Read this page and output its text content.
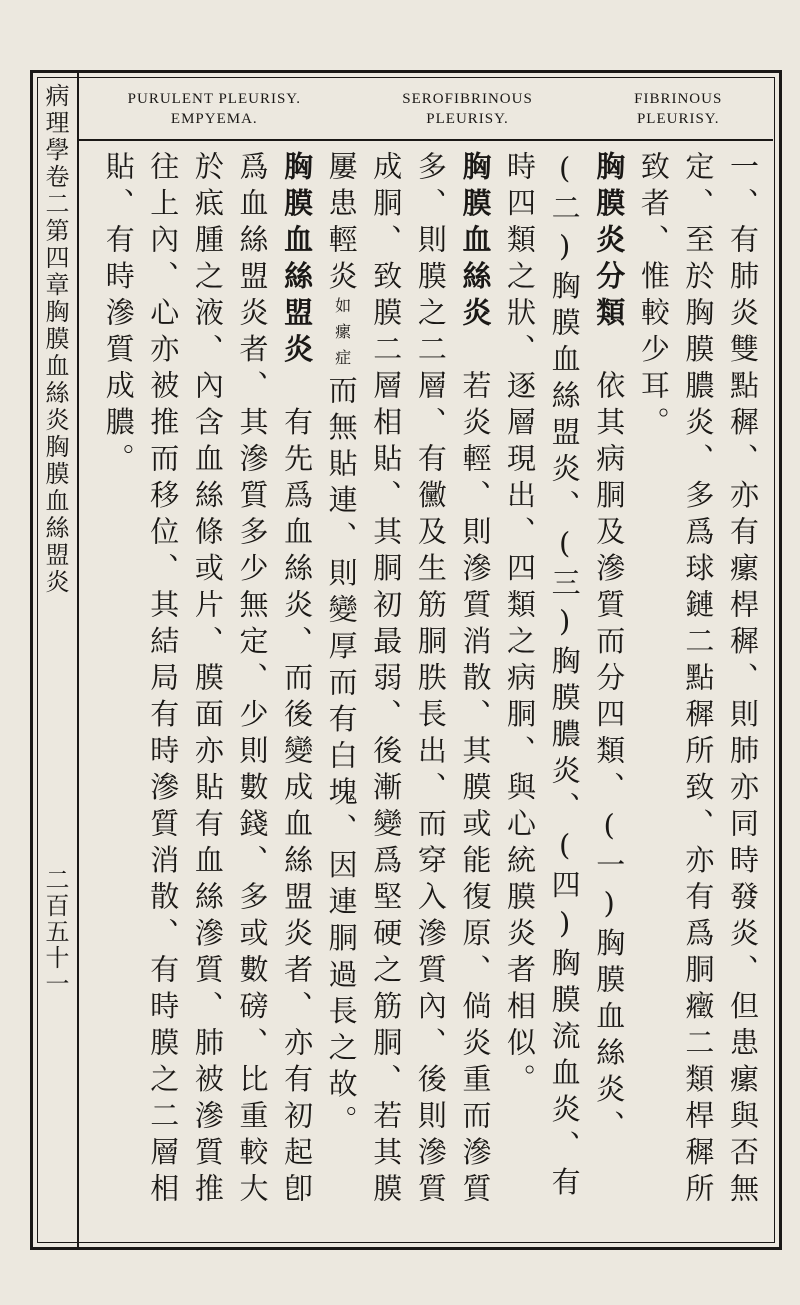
病理學卷二第四章胸膜血絲炎胸膜血絲盟炎
二百五十一
PURULENT PLEURISY.
EMPYEMA.
SEROFIBRINOUS
PLEURISY.
FIBRINOUS
PLEURISY.

一、有肺炎雙點穉、亦有瘰桿穉、則肺亦同時發炎、但患瘰與否無定、至於胸膜膿炎、多爲球鏈二點穉所致、亦有爲胴癥二類桿穉所致者、惟較少耳。

胸膜炎分類　依其病胴及滲質而分四類、(一)胸膜血絲炎、(二)胸膜血絲盟炎、(三)胸膜膿炎、(四)胸膜流血炎、有時四類之狀、逐層現出、四類之病胴、與心統膜炎者相似。

胸膜血絲炎　若炎輕、則滲質消散、其膜或能復原、倘炎重而滲質多、則膜之二層、有黴及生筋胴胅長出、而穿入滲質內、後則滲質成胴、致膜二層相貼、其胴初最弱、後漸變爲堅硬之筋胴、若其膜屢患輕炎如瘰症而無貼連、則變厚而有白塊、因連胴過長之故。

胸膜血絲盟炎　有先爲血絲炎、而後變成血絲盟炎者、亦有初起卽爲血絲盟炎者、其滲質多少無定、少則數錢、多或數磅、比重較大於疷腫之液、內含血絲條或片、膜面亦貼有血絲滲質、肺被滲質推往上內、心亦被推而移位、其結局有時滲質消散、有時膜之二層相貼、有時滲質成膿。
